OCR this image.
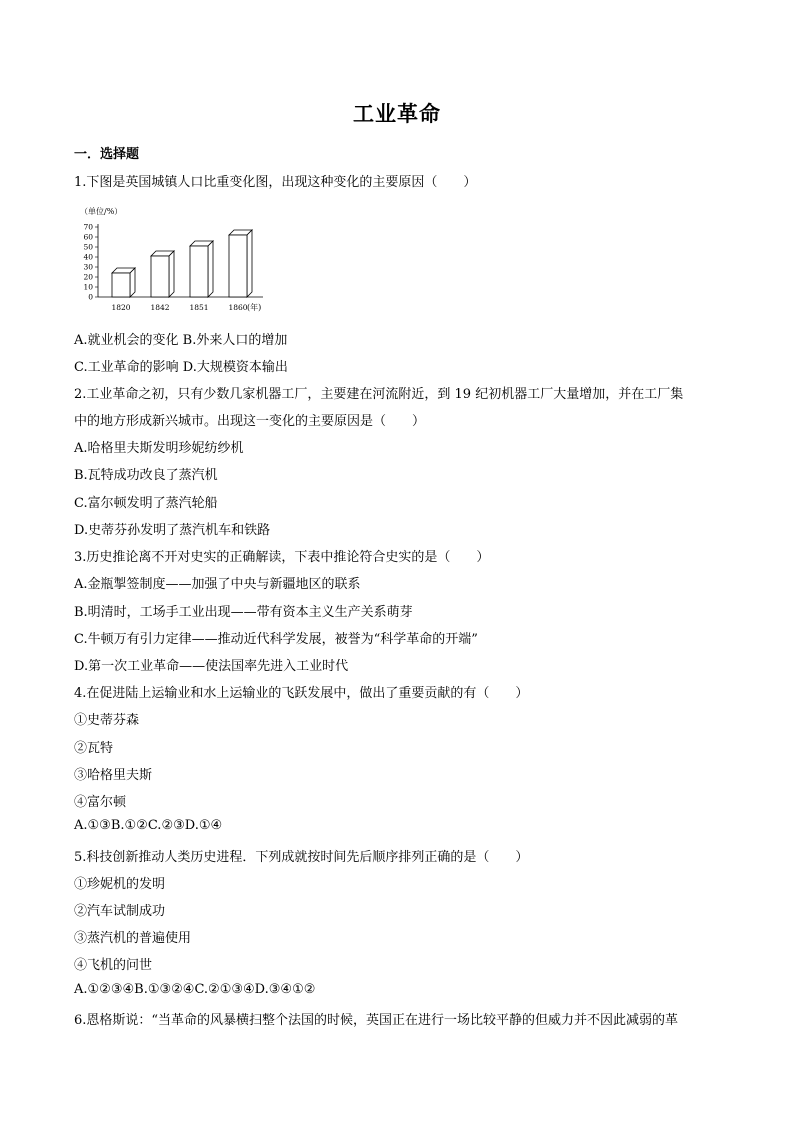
工业革命
一．选择题
1.下图是英国城镇人口比重变化图，出现这种变化的主要原因（　　）
（单位/%）
0
10
20
30
40
50
60
70
1820	1842	1851	1860 (年)
A.就业机会的变化 B.外来人口的增加
C.工业革命的影响 D.大规模资本输出
2.工业革命之初，只有少数几家机器工厂，主要建在河流附近，到 19 纪初机器工厂大量增加，并在工厂集
中的地方形成新兴城市。出现这一变化的主要原因是（　　）
A.哈格里夫斯发明珍妮纺纱机
B.瓦特成功改良了蒸汽机
C.富尔顿发明了蒸汽轮船
D.史蒂芬孙发明了蒸汽机车和铁路
3.历史推论离不开对史实的正确解读，下表中推论符合史实的是（　　）
A.金瓶掣签制度——加强了中央与新疆地区的联系
B.明清时，工场手工业出现——带有资本主义生产关系萌芽
C.牛顿万有引力定律——推动近代科学发展，被誉为“科学革命的开端”
D.第一次工业革命——使法国率先进入工业时代
4.在促进陆上运输业和水上运输业的飞跃发展中，做出了重要贡献的有（　　）
①史蒂芬森
②瓦特
③哈格里夫斯
④富尔顿
A.①③B.①②C.②③D.①④
5.科技创新推动人类历史进程．下列成就按时间先后顺序排列正确的是（　　）
①珍妮机的发明
②汽车试制成功
③蒸汽机的普遍使用
④飞机的问世
A.①②③④B.①③②④C.②①③④D.③④①②
6.恩格斯说：“当革命的风暴横扫整个法国的时候，英国正在进行一场比较平静的但威力并不因此减弱的革
